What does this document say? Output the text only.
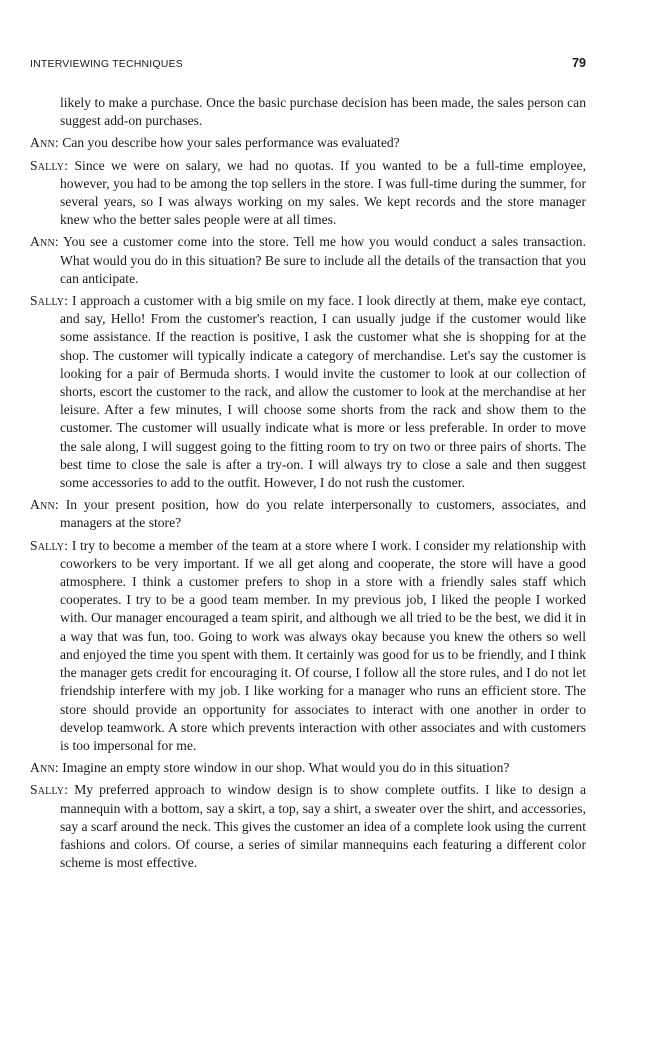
INTERVIEWING TECHNIQUES	79

likely to make a purchase. Once the basic purchase decision has been made, the sales person can suggest add-on purchases.

Ann: Can you describe how your sales performance was evaluated?

Sally: Since we were on salary, we had no quotas. If you wanted to be a full-time employee, however, you had to be among the top sellers in the store. I was full-time during the summer, for several years, so I was always working on my sales. We kept records and the store manager knew who the better sales people were at all times.

Ann: You see a customer come into the store. Tell me how you would conduct a sales transaction. What would you do in this situation? Be sure to include all the details of the transaction that you can anticipate.

Sally: I approach a customer with a big smile on my face. I look directly at them, make eye contact, and say, Hello! From the customer's reaction, I can usually judge if the customer would like some assistance. If the reaction is positive, I ask the customer what she is shopping for at the shop. The customer will typically indicate a category of merchandise. Let's say the customer is looking for a pair of Bermuda shorts. I would invite the customer to look at our collection of shorts, escort the customer to the rack, and allow the customer to look at the merchandise at her leisure. After a few minutes, I will choose some shorts from the rack and show them to the customer. The customer will usually indicate what is more or less preferable. In order to move the sale along, I will suggest going to the fitting room to try on two or three pairs of shorts. The best time to close the sale is after a try-on. I will always try to close a sale and then suggest some accessories to add to the outfit. However, I do not rush the customer.

Ann: In your present position, how do you relate interpersonally to customers, associates, and managers at the store?

Sally: I try to become a member of the team at a store where I work. I consider my relationship with coworkers to be very important. If we all get along and cooperate, the store will have a good atmosphere. I think a customer prefers to shop in a store with a friendly sales staff which cooperates. I try to be a good team member. In my previous job, I liked the people I worked with. Our manager encouraged a team spirit, and although we all tried to be the best, we did it in a way that was fun, too. Going to work was always okay because you knew the others so well and enjoyed the time you spent with them. It certainly was good for us to be friendly, and I think the manager gets credit for encouraging it. Of course, I follow all the store rules, and I do not let friendship interfere with my job. I like working for a manager who runs an efficient store. The store should provide an opportunity for associates to interact with one another in order to develop teamwork. A store which prevents interaction with other associates and with customers is too impersonal for me.

Ann: Imagine an empty store window in our shop. What would you do in this situation?

Sally: My preferred approach to window design is to show complete outfits. I like to design a mannequin with a bottom, say a skirt, a top, say a shirt, a sweater over the shirt, and accessories, say a scarf around the neck. This gives the customer an idea of a complete look using the current fashions and colors. Of course, a series of similar mannequins each featuring a different color scheme is most effective.
